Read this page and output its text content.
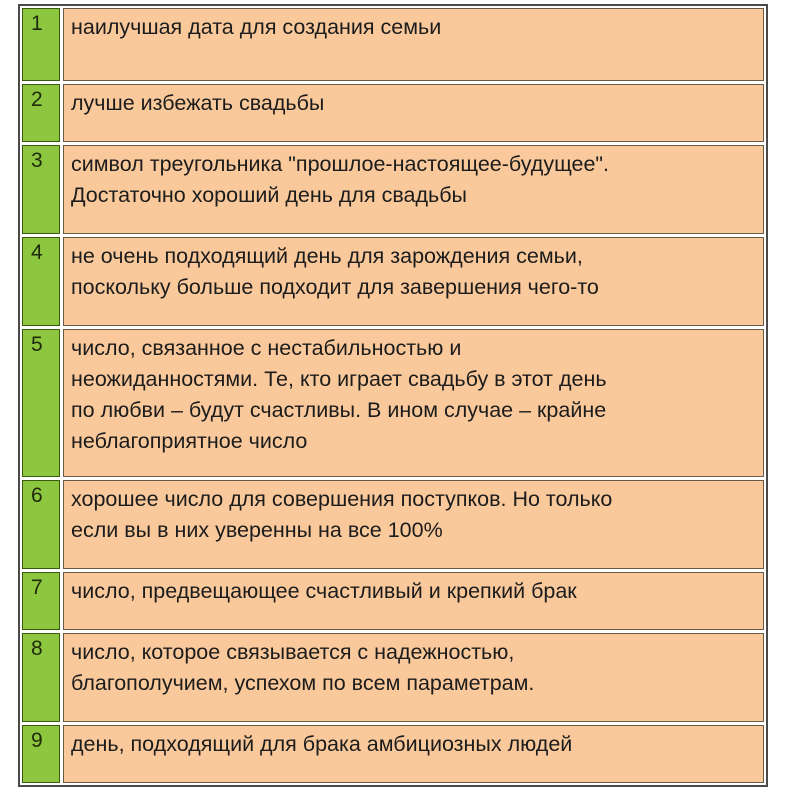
1	наилучшая дата для создания семьи
2	лучше избежать свадьбы
3	символ треугольника "прошлое-настоящее-будущее".
Достаточно хороший день для свадьбы
4	не очень подходящий день для зарождения семьи,
поскольку больше подходит для завершения чего-то
5	число, связанное с нестабильностью и
неожиданностями. Те, кто играет свадьбу в этот день
по любви – будут счастливы. В ином случае – крайне
неблагоприятное число
6	хорошее число для совершения поступков. Но только
если вы в них уверенны на все 100%
7	число, предвещающее счастливый и крепкий брак
8	число, которое связывается с надежностью,
благополучием, успехом по всем параметрам.
9	день, подходящий для брака амбициозных людей
